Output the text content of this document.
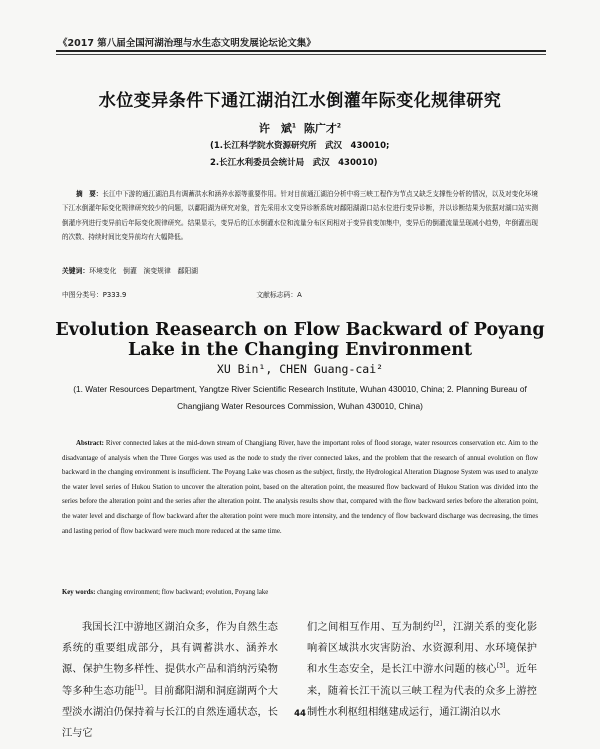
《2017 第八届全国河湖治理与水生态文明发展论坛论文集》
水位变异条件下通江湖泊江水倒灌年际变化规律研究
许　斌$^1$ 陈广才$^2$
(1.长江科学院水资源研究所　武汉　430010;
2.长江水利委员会统计局　武汉　430010)
摘　要：长江中下游的通江湖泊具有调蓄洪水和涵养水源等重要作用。针对目前通江湖泊分析中将三峡工程作为节点又缺乏支撑性分析的情况，以及对变化环境下江水倒灌年际变化规律研究较少的问题，以鄱阳湖为研究对象，首先采用水文变异诊断系统对鄱阳湖湖口站水位进行变异诊断，并以诊断结果为依据对湖口站实测倒灌序列进行变异前后年际变化规律研究。结果显示，变异后的江水倒灌水位和流量分布区间相对于变异前变加集中，变异后的倒灌流量呈现减小趋势，年倒灌出现的次数、持续时间比变异前均有大幅降低。
关键词：环境变化　倒灌　演变规律　鄱阳湖
中图分类号：P333.9	文献标志码：A
Evolution Reasearch on Flow Backward of Poyang Lake in the Changing Environment
XU Bin¹, CHEN Guang-cai²
(1. Water Resources Department, Yangtze River Scientific Research Institute, Wuhan 430010, China; 2. Planning Bureau of Changjiang Water Resources Commission, Wuhan 430010, China)
Abstract: River connected lakes at the mid-down stream of Changjiang River, have the important roles of flood storage, water resources conservation etc. Aim to the disadvantage of analysis when the Three Gorges was used as the node to study the river connected lakes, and the problem that the research of annual evolution on flow backward in the changing environment is insufficient. The Poyang Lake was chosen as the subject, firstly, the Hydrological Alteration Diagnose System was used to analyze the water level series of Hukou Station to uncover the alteration point, based on the alteration point, the measured flow backward of Hukou Station was divided into the series before the alteration point and the series after the alteration point. The analysis results show that, compared with the flow backward series before the alteration point, the water level and discharge of flow backward after the alteration point were much more intensity, and the tendency of flow backward discharge was decreasing, the times and lasting period of flow backward were much more reduced at the same time.
Key words: changing environment; flow backward; evolution, Poyang lake
我国长江中游地区湖泊众多，作为自然生态系统的重要组成部分，具有调蓄洪水、涵养水源、保护生物多样性、提供水产品和消纳污染物等多种生态功能[1]。目前鄱阳湖和洞庭湖两个大型淡水湖泊仍保持着与长江的自然连通状态，长江与它
们之间相互作用、互为制约[2]，江湖关系的变化影响着区域洪水灾害防治、水资源利用、水环境保护和水生态安全，是长江中游水问题的核心[3]。近年来，随着长江干流以三峡工程为代表的众多上游控制性水利枢纽相继建成运行，通江湖泊以水
44
